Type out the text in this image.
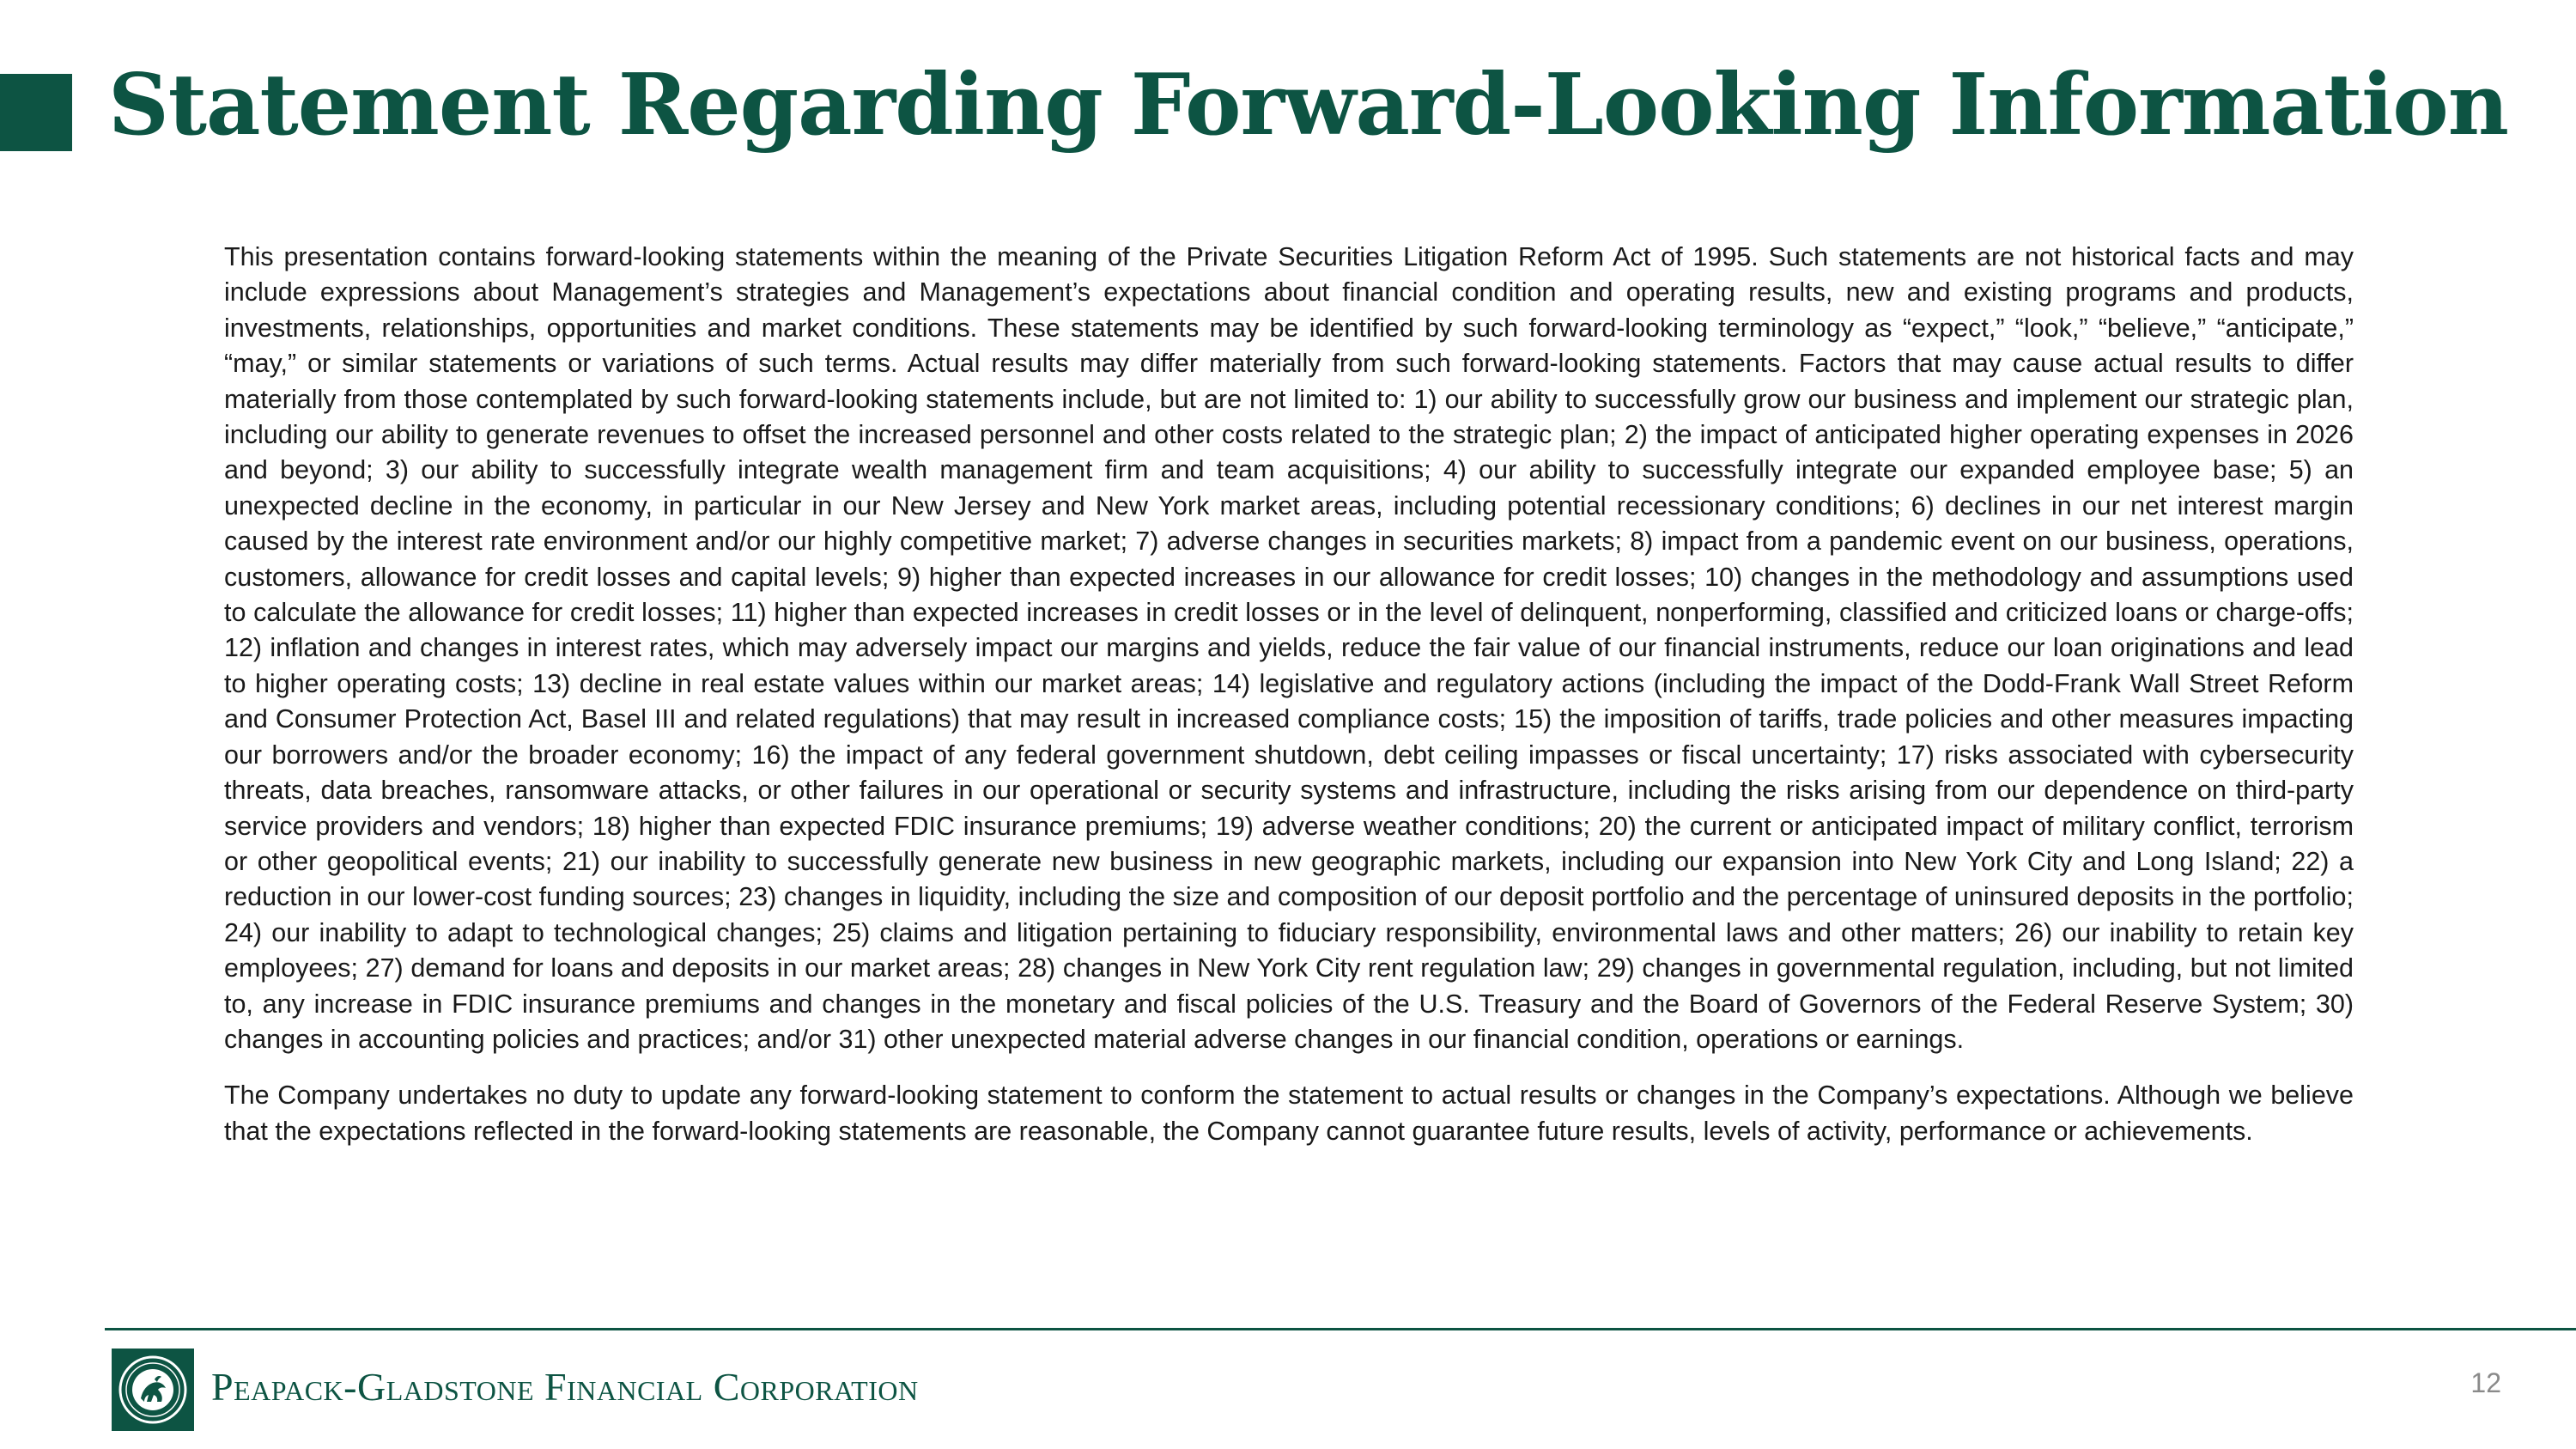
Statement Regarding Forward-Looking Information

This presentation contains forward-looking statements within the meaning of the Private Securities Litigation Reform Act of 1995. Such statements are not historical facts and may include expressions about Management’s strategies and Management’s expectations about financial condition and operating results, new and existing programs and products, investments, relationships, opportunities and market conditions. These statements may be identified by such forward-looking terminology as “expect,” “look,” “believe,” “anticipate,” “may,” or similar statements or variations of such terms. Actual results may differ materially from such forward-looking statements. Factors that may cause actual results to differ materially from those contemplated by such forward-looking statements include, but are not limited to: 1) our ability to successfully grow our business and implement our strategic plan, including our ability to generate revenues to offset the increased personnel and other costs related to the strategic plan; 2) the impact of anticipated higher operating expenses in 2026 and beyond; 3) our ability to successfully integrate wealth management firm and team acquisitions; 4) our ability to successfully integrate our expanded employee base; 5) an unexpected decline in the economy, in particular in our New Jersey and New York market areas, including potential recessionary conditions; 6) declines in our net interest margin caused by the interest rate environment and/or our highly competitive market; 7) adverse changes in securities markets; 8) impact from a pandemic event on our business, operations, customers, allowance for credit losses and capital levels; 9) higher than expected increases in our allowance for credit losses; 10) changes in the methodology and assumptions used to calculate the allowance for credit losses; 11) higher than expected increases in credit losses or in the level of delinquent, nonperforming, classified and criticized loans or charge-offs; 12) inflation and changes in interest rates, which may adversely impact our margins and yields, reduce the fair value of our financial instruments, reduce our loan originations and lead to higher operating costs; 13) decline in real estate values within our market areas; 14) legislative and regulatory actions (including the impact of the Dodd-Frank Wall Street Reform and Consumer Protection Act, Basel III and related regulations) that may result in increased compliance costs; 15) the imposition of tariffs, trade policies and other measures impacting our borrowers and/or the broader economy; 16) the impact of any federal government shutdown, debt ceiling impasses or fiscal uncertainty; 17) risks associated with cybersecurity threats, data breaches, ransomware attacks, or other failures in our operational or security systems and infrastructure, including the risks arising from our dependence on third-party service providers and vendors; 18) higher than expected FDIC insurance premiums; 19) adverse weather conditions; 20) the current or anticipated impact of military conflict, terrorism or other geopolitical events; 21) our inability to successfully generate new business in new geographic markets, including our expansion into New York City and Long Island; 22) a reduction in our lower-cost funding sources; 23) changes in liquidity, including the size and composition of our deposit portfolio and the percentage of uninsured deposits in the portfolio; 24) our inability to adapt to technological changes; 25) claims and litigation pertaining to fiduciary responsibility, environmental laws and other matters; 26) our inability to retain key employees; 27) demand for loans and deposits in our market areas; 28) changes in New York City rent regulation law; 29) changes in governmental regulation, including, but not limited to, any increase in FDIC insurance premiums and changes in the monetary and fiscal policies of the U.S. Treasury and the Board of Governors of the Federal Reserve System; 30) changes in accounting policies and practices; and/or 31) other unexpected material adverse changes in our financial condition, operations or earnings.

The Company undertakes no duty to update any forward-looking statement to conform the statement to actual results or changes in the Company’s expectations. Although we believe that the expectations reflected in the forward-looking statements are reasonable, the Company cannot guarantee future results, levels of activity, performance or achievements.

Peapack-Gladstone Financial Corporation	12
